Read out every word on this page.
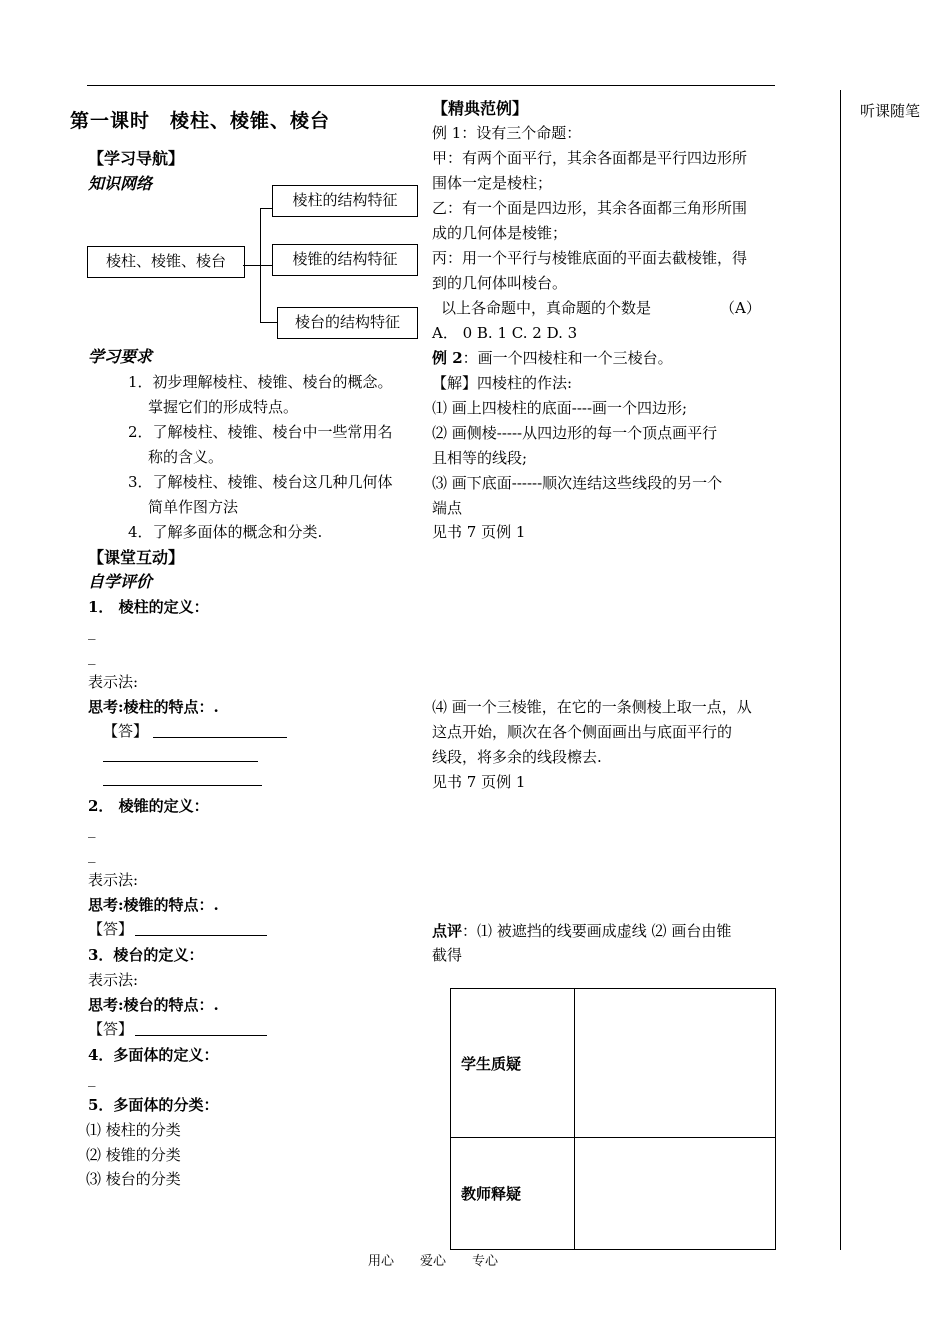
听课随笔
第一课时　棱柱、棱锥、棱台
【学习导航】
知识网络
棱柱、棱锥、棱台
棱柱的结构特征
棱锥的结构特征
棱台的结构特征
学习要求
1．初步理解棱柱、棱锥、棱台的概念。
掌握它们的形成特点。
2．了解棱柱、棱锥、棱台中一些常用名
称的含义。
3．了解棱柱、棱锥、棱台这几种几何体
简单作图方法
4．了解多面体的概念和分类.
【课堂互动】
自学评价
1． 棱柱的定义：
_
_
表示法:
思考:棱柱的特点：.
【答】
2． 棱锥的定义：
_
_
表示法:
思考:棱锥的特点：.
【答】
3．棱台的定义：
表示法:
思考:棱台的特点：.
【答】
4．多面体的定义：
_
5．多面体的分类：
⑴ 棱柱的分类
⑵ 棱锥的分类
⑶ 棱台的分类
【精典范例】
例 1：设有三个命题：
甲：有两个面平行，其余各面都是平行四边形所
围体一定是棱柱；
乙：有一个面是四边形，其余各面都三角形所围
成的几何体是棱锥；
丙：用一个平行与棱锥底面的平面去截棱锥，得
到的几何体叫棱台。
以上各命题中，真命题的个数是	（A）
A． 0 B. 1 C. 2 D. 3
例 2：画一个四棱柱和一个三棱台。
【解】四棱柱的作法:
⑴ 画上四棱柱的底面----画一个四边形;
⑵ 画侧棱-----从四边形的每一个顶点画平行
且相等的线段;
⑶ 画下底面------顺次连结这些线段的另一个
端点
见书 7 页例 1
⑷ 画一个三棱锥，在它的一条侧棱上取一点，从
这点开始，顺次在各个侧面画出与底面平行的
线段，将多余的线段檫去.
见书 7 页例 1
点评：⑴ 被遮挡的线要画成虚线 ⑵ 画台由锥
截得
学生质疑	
教师释疑	
用心　　爱心　　专心
